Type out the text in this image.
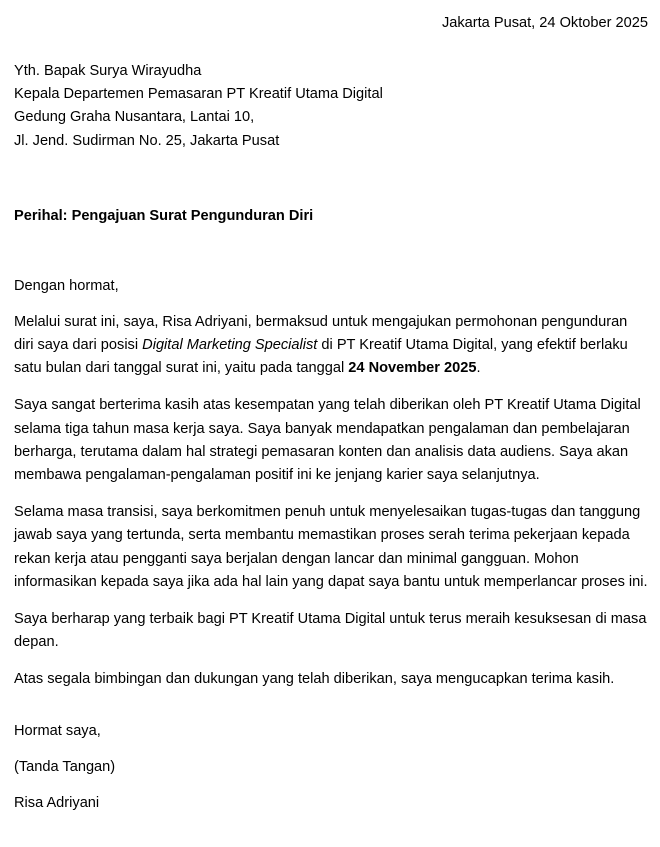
Jakarta Pusat, 24 Oktober 2025
Yth. Bapak Surya Wirayudha
Kepala Departemen Pemasaran PT Kreatif Utama Digital
Gedung Graha Nusantara, Lantai 10,
Jl. Jend. Sudirman No. 25, Jakarta Pusat
Perihal: Pengajuan Surat Pengunduran Diri
Dengan hormat,

Melalui surat ini, saya, Risa Adriyani, bermaksud untuk mengajukan permohonan pengunduran diri saya dari posisi Digital Marketing Specialist di PT Kreatif Utama Digital, yang efektif berlaku satu bulan dari tanggal surat ini, yaitu pada tanggal 24 November 2025.

Saya sangat berterima kasih atas kesempatan yang telah diberikan oleh PT Kreatif Utama Digital selama tiga tahun masa kerja saya. Saya banyak mendapatkan pengalaman dan pembelajaran berharga, terutama dalam hal strategi pemasaran konten dan analisis data audiens. Saya akan membawa pengalaman-pengalaman positif ini ke jenjang karier saya selanjutnya.

Selama masa transisi, saya berkomitmen penuh untuk menyelesaikan tugas-tugas dan tanggung jawab saya yang tertunda, serta membantu memastikan proses serah terima pekerjaan kepada rekan kerja atau pengganti saya berjalan dengan lancar dan minimal gangguan. Mohon informasikan kepada saya jika ada hal lain yang dapat saya bantu untuk memperlancar proses ini.

Saya berharap yang terbaik bagi PT Kreatif Utama Digital untuk terus meraih kesuksesan di masa depan.

Atas segala bimbingan dan dukungan yang telah diberikan, saya mengucapkan terima kasih.

Hormat saya,
(Tanda Tangan)
Risa Adriyani
